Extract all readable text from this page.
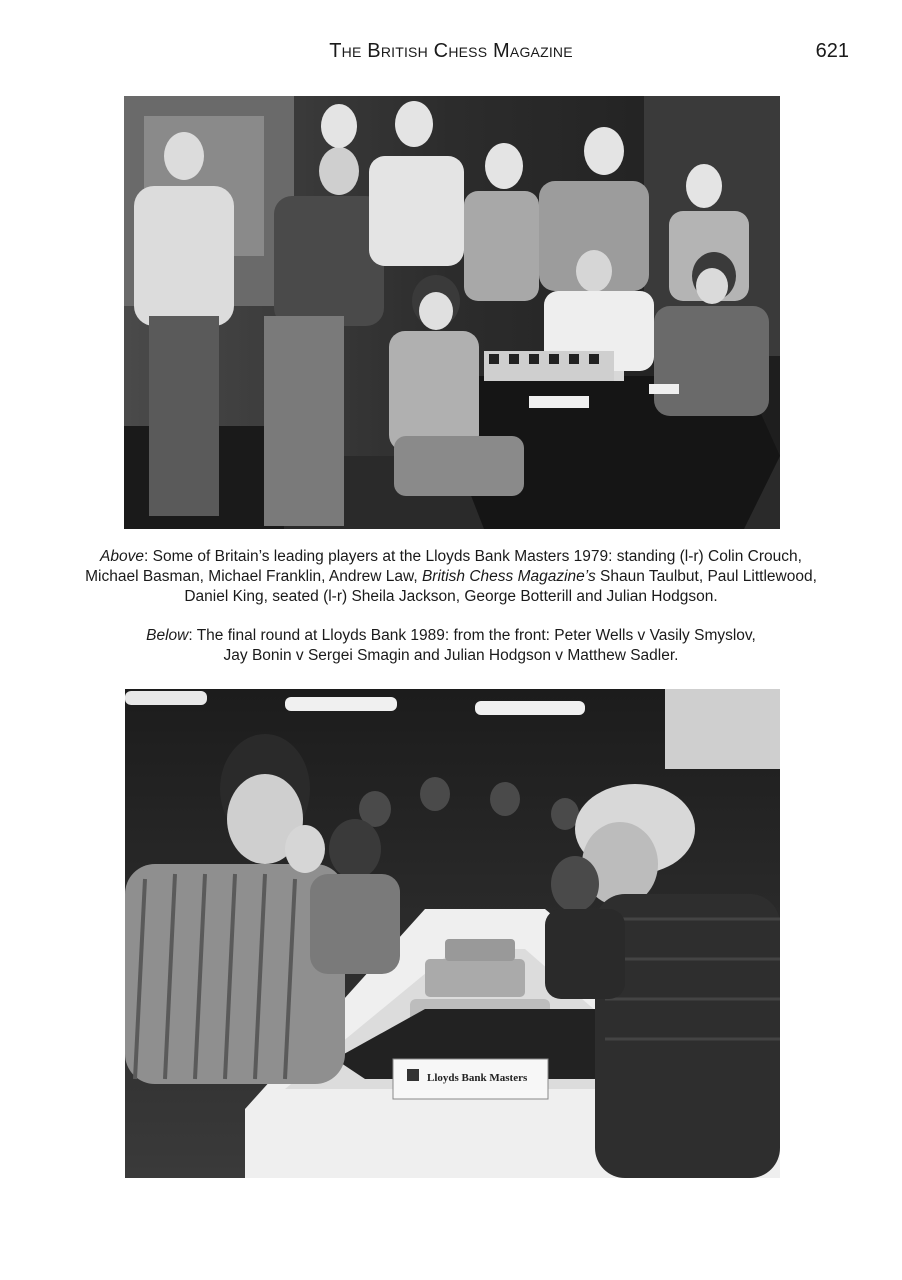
The British Chess Magazine	621
Above: Some of Britain’s leading players at the Lloyds Bank Masters 1979: standing (l-r) Colin Crouch,
Michael Basman, Michael Franklin, Andrew Law, British Chess Magazine’s Shaun Taulbut, Paul Littlewood,
Daniel King, seated (l-r) Sheila Jackson, George Botterill and Julian Hodgson.
Below: The final round at Lloyds Bank 1989: from the front: Peter Wells v Vasily Smyslov,
Jay Bonin v Sergei Smagin and Julian Hodgson v Matthew Sadler.
Lloyds Bank Masters
